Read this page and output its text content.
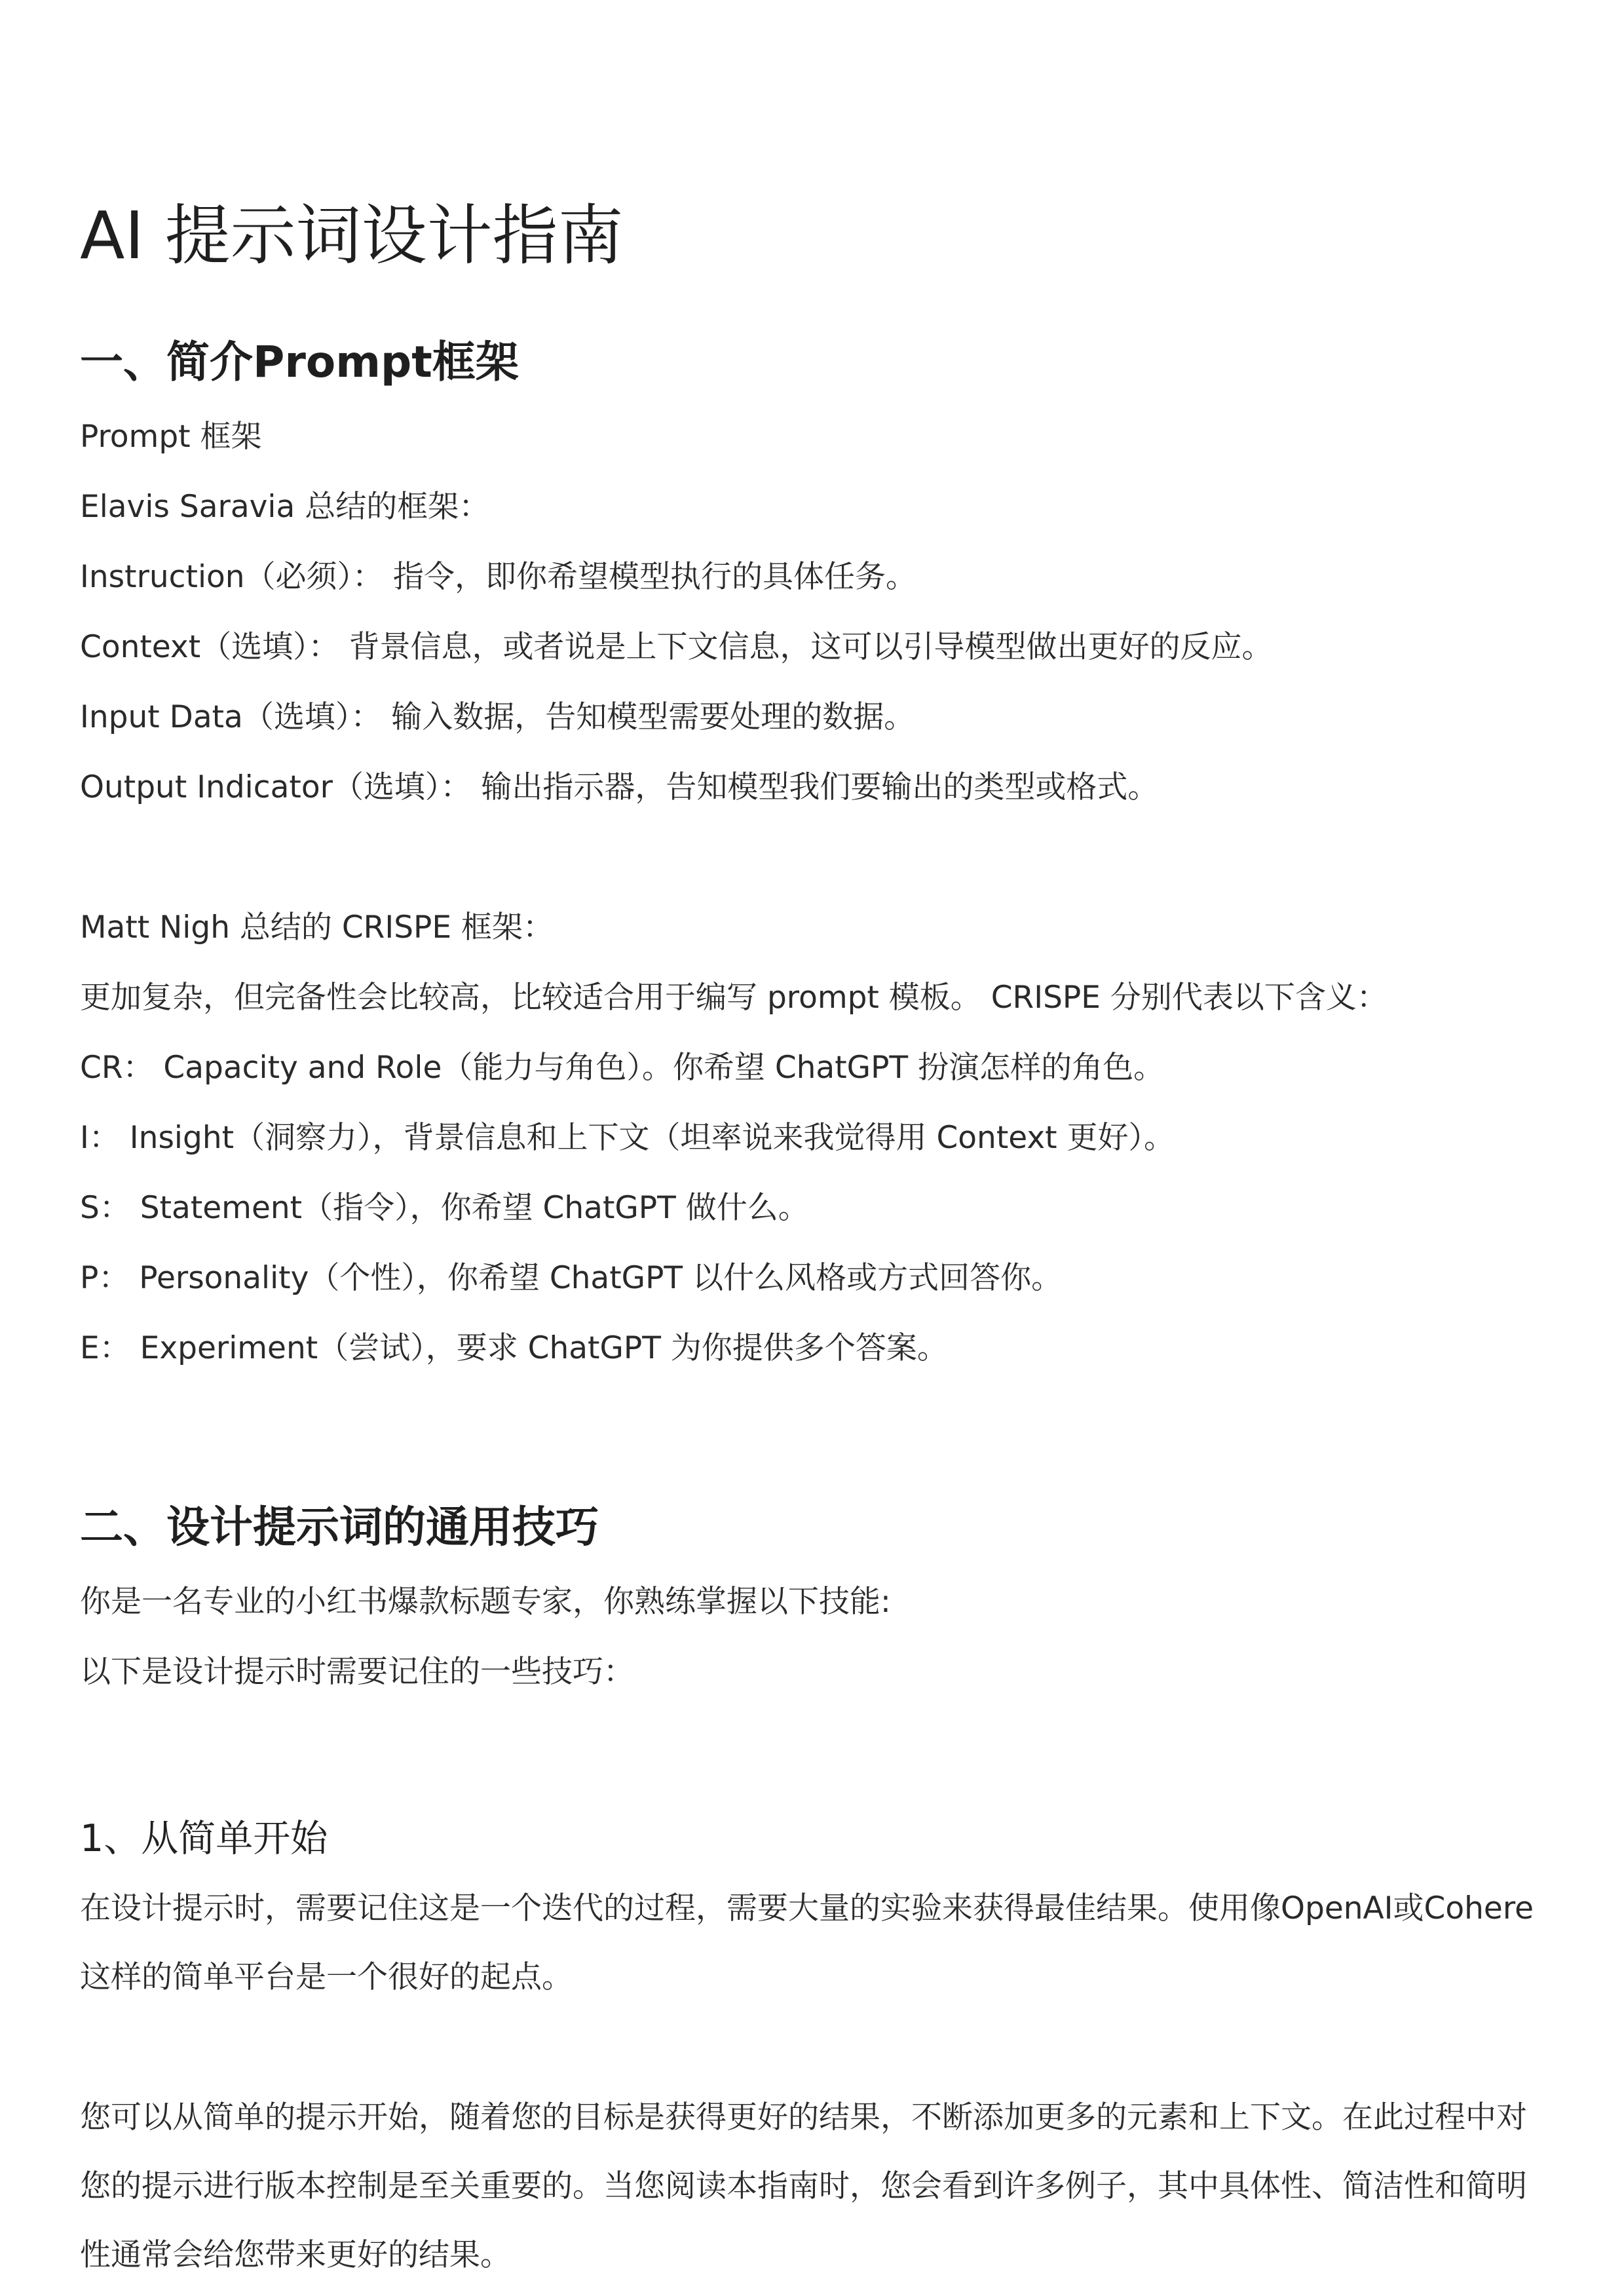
AI 提示词设计指南
一、简介Prompt框架

Prompt 框架

Elavis Saravia 总结的框架：

Instruction（必须）： 指令，即你希望模型执行的具体任务。

Context（选填）： 背景信息，或者说是上下文信息，这可以引导模型做出更好的反应。

Input Data（选填）： 输入数据，告知模型需要处理的数据。

Output Indicator（选填）： 输出指示器，告知模型我们要输出的类型或格式。

Matt Nigh 总结的 CRISPE 框架：

更加复杂，但完备性会比较高，比较适合用于编写 prompt 模板。 CRISPE 分别代表以下含义：

CR： Capacity and Role（能力与角色）。你希望 ChatGPT 扮演怎样的角色。

I： Insight（洞察力），背景信息和上下文（坦率说来我觉得用 Context 更好）。

S： Statement（指令），你希望 ChatGPT 做什么。

P： Personality（个性），你希望 ChatGPT 以什么风格或方式回答你。

E： Experiment（尝试），要求 ChatGPT 为你提供多个答案。

二、设计提示词的通用技巧

你是一名专业的小红书爆款标题专家，你熟练掌握以下技能:

以下是设计提示时需要记住的一些技巧：

1、从简单开始

在设计提示时，需要记住这是一个迭代的过程，需要大量的实验来获得最佳结果。使用像OpenAI或Cohere这样的简单平台是一个很好的起点。

您可以从简单的提示开始，随着您的目标是获得更好的结果，不断添加更多的元素和上下文。在此过程中对您的提示进行版本控制是至关重要的。当您阅读本指南时，您会看到许多例子，其中具体性、简洁性和简明性通常会给您带来更好的结果。
